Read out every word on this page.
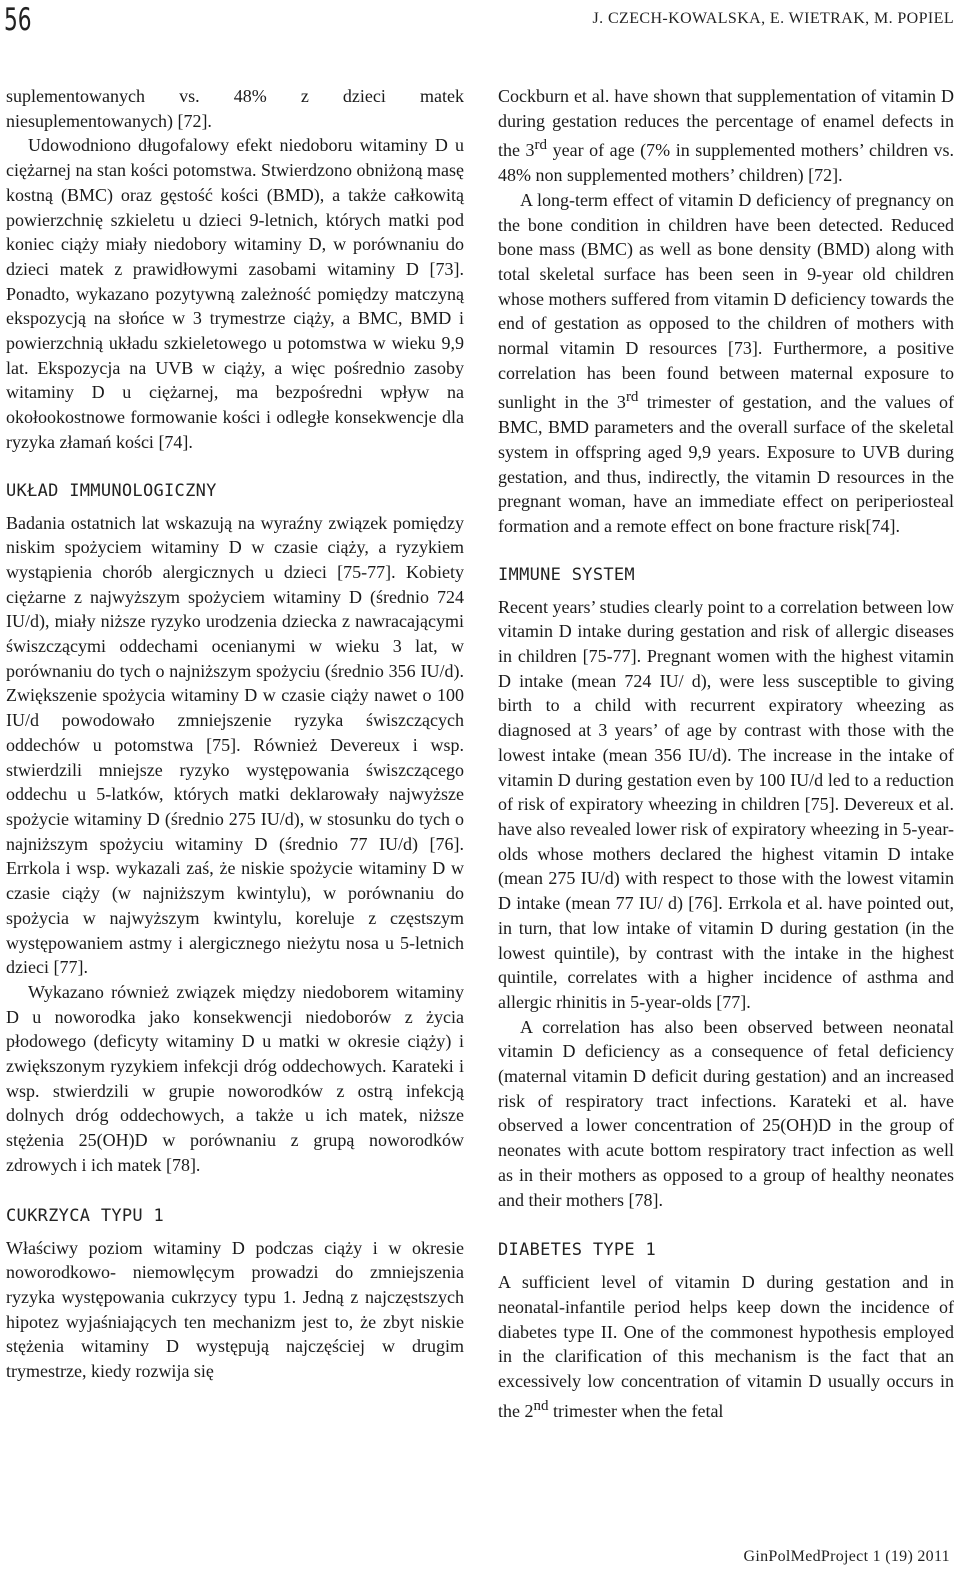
56	J. CZECH-KOWALSKA, E. WIETRAK, M. POPIEL

suplementowanych vs. 48% z dzieci matek niesuplementowanych) [72].

Udowodniono długofalowy efekt niedoboru witaminy D u ciężarnej na stan kości potomstwa. Stwierdzono obniżoną masę kostną (BMC) oraz gęstość kości (BMD), a także całkowitą powierzchnię szkieletu u dzieci 9-letnich, których matki pod koniec ciąży miały niedobory witaminy D, w porównaniu do dzieci matek z prawidłowymi zasobami witaminy D [73]. Ponadto, wykazano pozytywną zależność pomiędzy matczyną ekspozycją na słońce w 3 trymestrze ciąży, a BMC, BMD i powierzchnią układu szkieletowego u potomstwa w wieku 9,9 lat. Ekspozycja na UVB w ciąży, a więc pośrednio zasoby witaminy D u ciężarnej, ma bezpośredni wpływ na okołookostnowe formowanie kości i odległe konsekwencje dla ryzyka złamań kości [74].

UKŁAD IMMUNOLOGICZNY

Badania ostatnich lat wskazują na wyraźny związek pomiędzy niskim spożyciem witaminy D w czasie ciąży, a ryzykiem wystąpienia chorób alergicznych u dzieci [75-77]. Kobiety ciężarne z najwyższym spożyciem witaminy D (średnio 724 IU/d), miały niższe ryzyko urodzenia dziecka z nawracającymi świszczącymi oddechami ocenianymi w wieku 3 lat, w porównaniu do tych o najniższym spożyciu (średnio 356 IU/d). Zwiększenie spożycia witaminy D w czasie ciąży nawet o 100 IU/d powodowało zmniejszenie ryzyka świszczących oddechów u potomstwa [75]. Również Devereux i wsp. stwierdzili mniejsze ryzyko występowania świszczącego oddechu u 5-latków, których matki deklarowały najwyższe spożycie witaminy D (średnio 275 IU/d), w stosunku do tych o najniższym spożyciu witaminy D (średnio 77 IU/d) [76]. Errkola i wsp. wykazali zaś, że niskie spożycie witaminy D w czasie ciąży (w najniższym kwintylu), w porównaniu do spożycia w najwyższym kwintylu, koreluje z częstszym występowaniem astmy i alergicznego nieżytu nosa u 5-letnich dzieci [77].

Wykazano również związek między niedoborem witaminy D u noworodka jako konsekwencji niedoborów z życia płodowego (deficyty witaminy D u matki w okresie ciąży) i zwiększonym ryzykiem infekcji dróg oddechowych. Karateki i wsp. stwierdzili w grupie noworodków z ostrą infekcją dolnych dróg oddechowych, a także u ich matek, niższe stężenia 25(OH)D w porównaniu z grupą noworodków zdrowych i ich matek [78].

CUKRZYCA TYPU 1

Właściwy poziom witaminy D podczas ciąży i w okresie noworodkowo- niemowlęcym prowadzi do zmniejszenia ryzyka występowania cukrzycy typu 1. Jedną z najczęstszych hipotez wyjaśniających ten mechanizm jest to, że zbyt niskie stężenia witaminy D występują najczęściej w drugim trymestrze, kiedy rozwija się

Cockburn et al. have shown that supplementation of vitamin D during gestation reduces the percentage of enamel defects in the 3rd year of age (7% in supplemented mothers’ children vs. 48% non supplemented mothers’ children) [72].

A long-term effect of vitamin D deficiency of pregnancy on the bone condition in children have been detected. Reduced bone mass (BMC) as well as bone density (BMD) along with total skeletal surface has been seen in 9-year old children whose mothers suffered from vitamin D deficiency towards the end of gestation as opposed to the children of mothers with normal vitamin D resources [73]. Furthermore, a positive correlation has been found between maternal exposure to sunlight in the 3rd trimester of gestation, and the values of BMC, BMD parameters and the overall surface of the skeletal system in offspring aged 9,9 years. Exposure to UVB during gestation, and thus, indirectly, the vitamin D resources in the pregnant woman, have an immediate effect on periperiosteal formation and a remote effect on bone fracture risk[74].

IMMUNE SYSTEM

Recent years’ studies clearly point to a correlation between low vitamin D intake during gestation and risk of allergic diseases in children [75-77]. Pregnant women with the highest vitamin D intake (mean 724 IU/ d), were less susceptible to giving birth to a child with recurrent expiratory wheezing as diagnosed at 3 years’ of age by contrast with those with the lowest intake (mean 356 IU/d). The increase in the intake of vitamin D during gestation even by 100 IU/d led to a reduction of risk of expiratory wheezing in children [75]. Devereux et al. have also revealed lower risk of expiratory wheezing in 5-year-olds whose mothers declared the highest vitamin D intake (mean 275 IU/d) with respect to those with the lowest vitamin D intake (mean 77 IU/ d) [76]. Errkola et al. have pointed out, in turn, that low intake of vitamin D during gestation (in the lowest quintile), by contrast with the intake in the highest quintile, correlates with a higher incidence of asthma and allergic rhinitis in 5-year-olds [77].

A correlation has also been observed between neonatal vitamin D deficiency as a consequence of fetal deficiency (maternal vitamin D deficit during gestation) and an increased risk of respiratory tract infections. Karateki et al. have observed a lower concentration of 25(OH)D in the group of neonates with acute bottom respiratory tract infection as well as in their mothers as opposed to a group of healthy neonates and their mothers [78].

DIABETES TYPE 1

A sufficient level of vitamin D during gestation and in neonatal-infantile period helps keep down the incidence of diabetes type II. One of the commonest hypothesis employed in the clarification of this mechanism is the fact that an excessively low concentration of vitamin D usually occurs in the 2nd trimester when the fetal

GinPolMedProject 1 (19) 2011
